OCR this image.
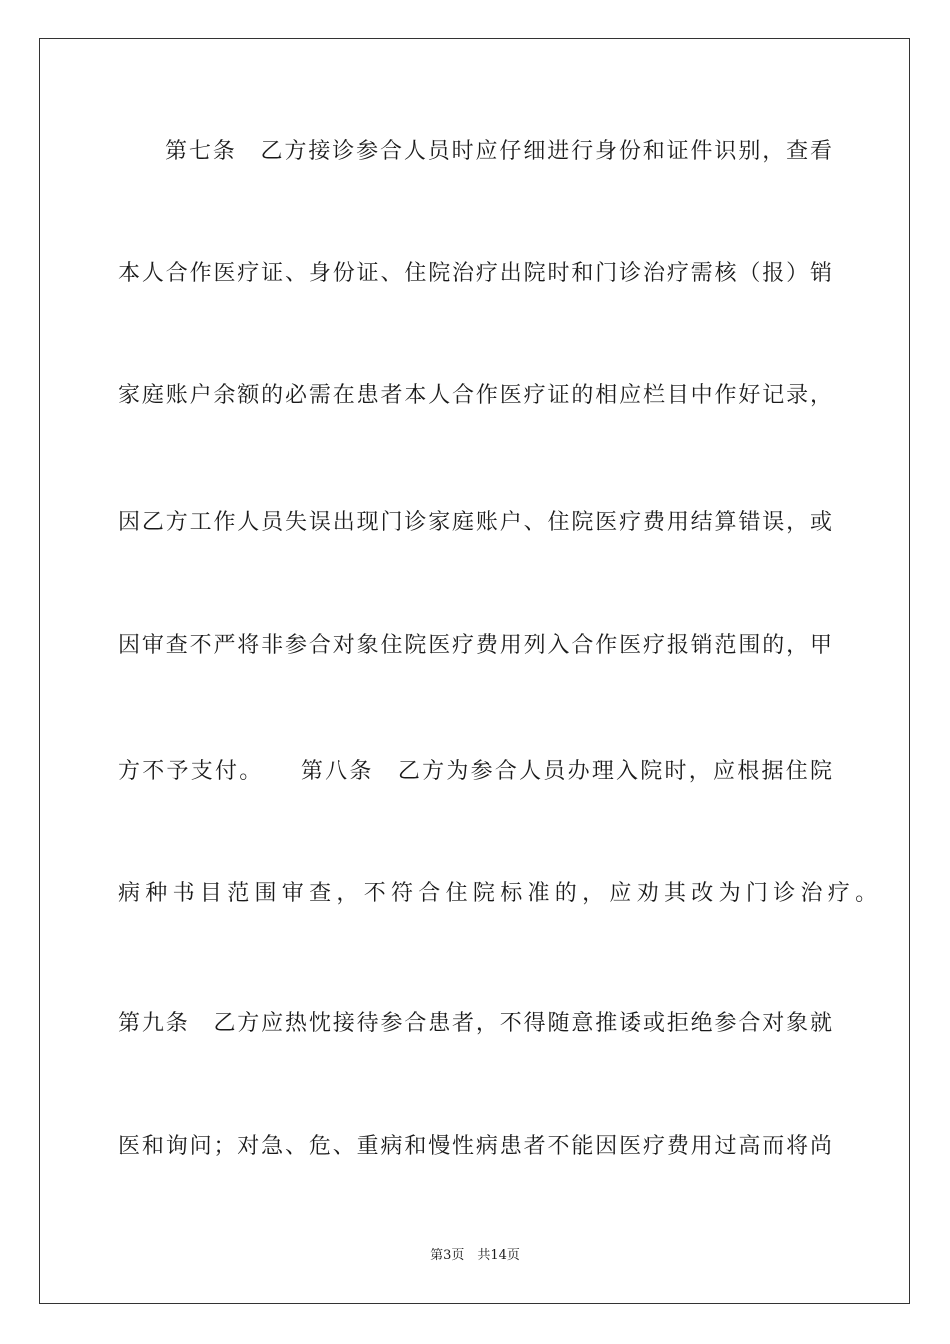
第七条　乙方接诊参合人员时应仔细进行身份和证件识别，查看
本人合作医疗证、身份证、住院治疗出院时和门诊治疗需核（报）销
家庭账户余额的必需在患者本人合作医疗证的相应栏目中作好记录，
因乙方工作人员失误出现门诊家庭账户、住院医疗费用结算错误，或
因审查不严将非参合对象住院医疗费用列入合作医疗报销范围的，甲
方不予支付。　　第八条　乙方为参合人员办理入院时，应根据住院
病种书目范围审查，不符合住院标准的，应劝其改为门诊治疗。
第九条　乙方应热忱接待参合患者，不得随意推诿或拒绝参合对象就
医和询问；对急、危、重病和慢性病患者不能因医疗费用过高而将尚
第3页　共14页
